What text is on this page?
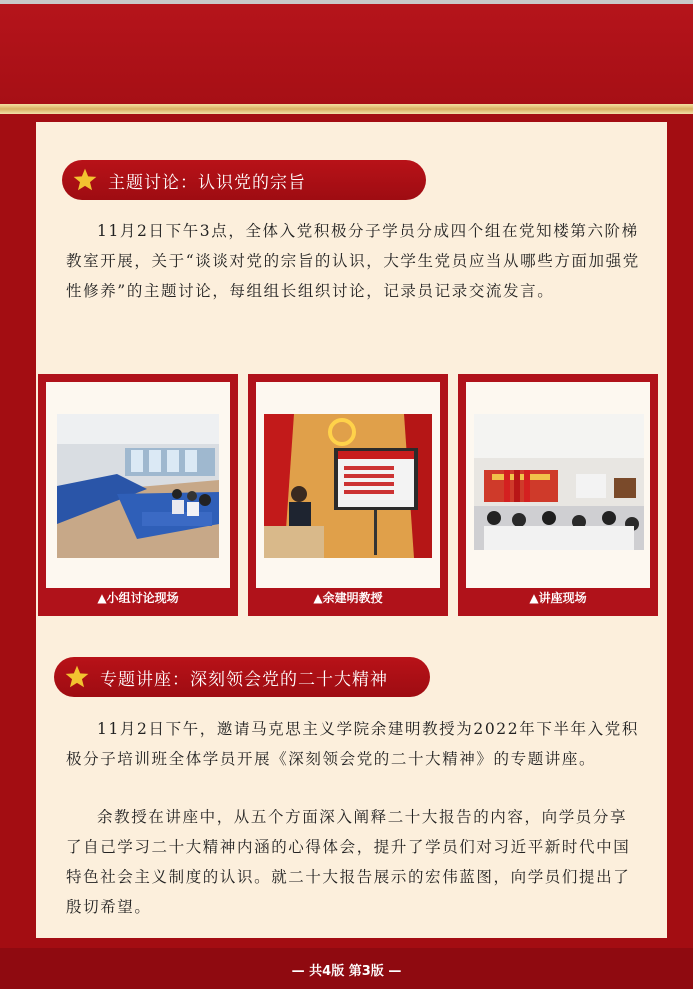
主题讨论：认识党的宗旨

11月2日下午3点，全体入党积极分子学员分成四个组在党知楼第六阶梯教室开展，关于“谈谈对党的宗旨的认识，大学生党员应当从哪些方面加强党性修养”的主题讨论，每组组长组织讨论，记录员记录交流发言。

▲小组讨论现场	▲余建明教授	▲讲座现场
专题讲座：深刻领会党的二十大精神

11月2日下午，邀请马克思主义学院余建明教授为2022年下半年入党积极分子培训班全体学员开展《深刻领会党的二十大精神》的专题讲座。

余教授在讲座中，从五个方面深入阐释二十大报告的内容，向学员分享了自己学习二十大精神内涵的心得体会，提升了学员们对习近平新时代中国特色社会主义制度的认识。就二十大报告展示的宏伟蓝图，向学员们提出了殷切希望。

— 共4版 第3版 —
